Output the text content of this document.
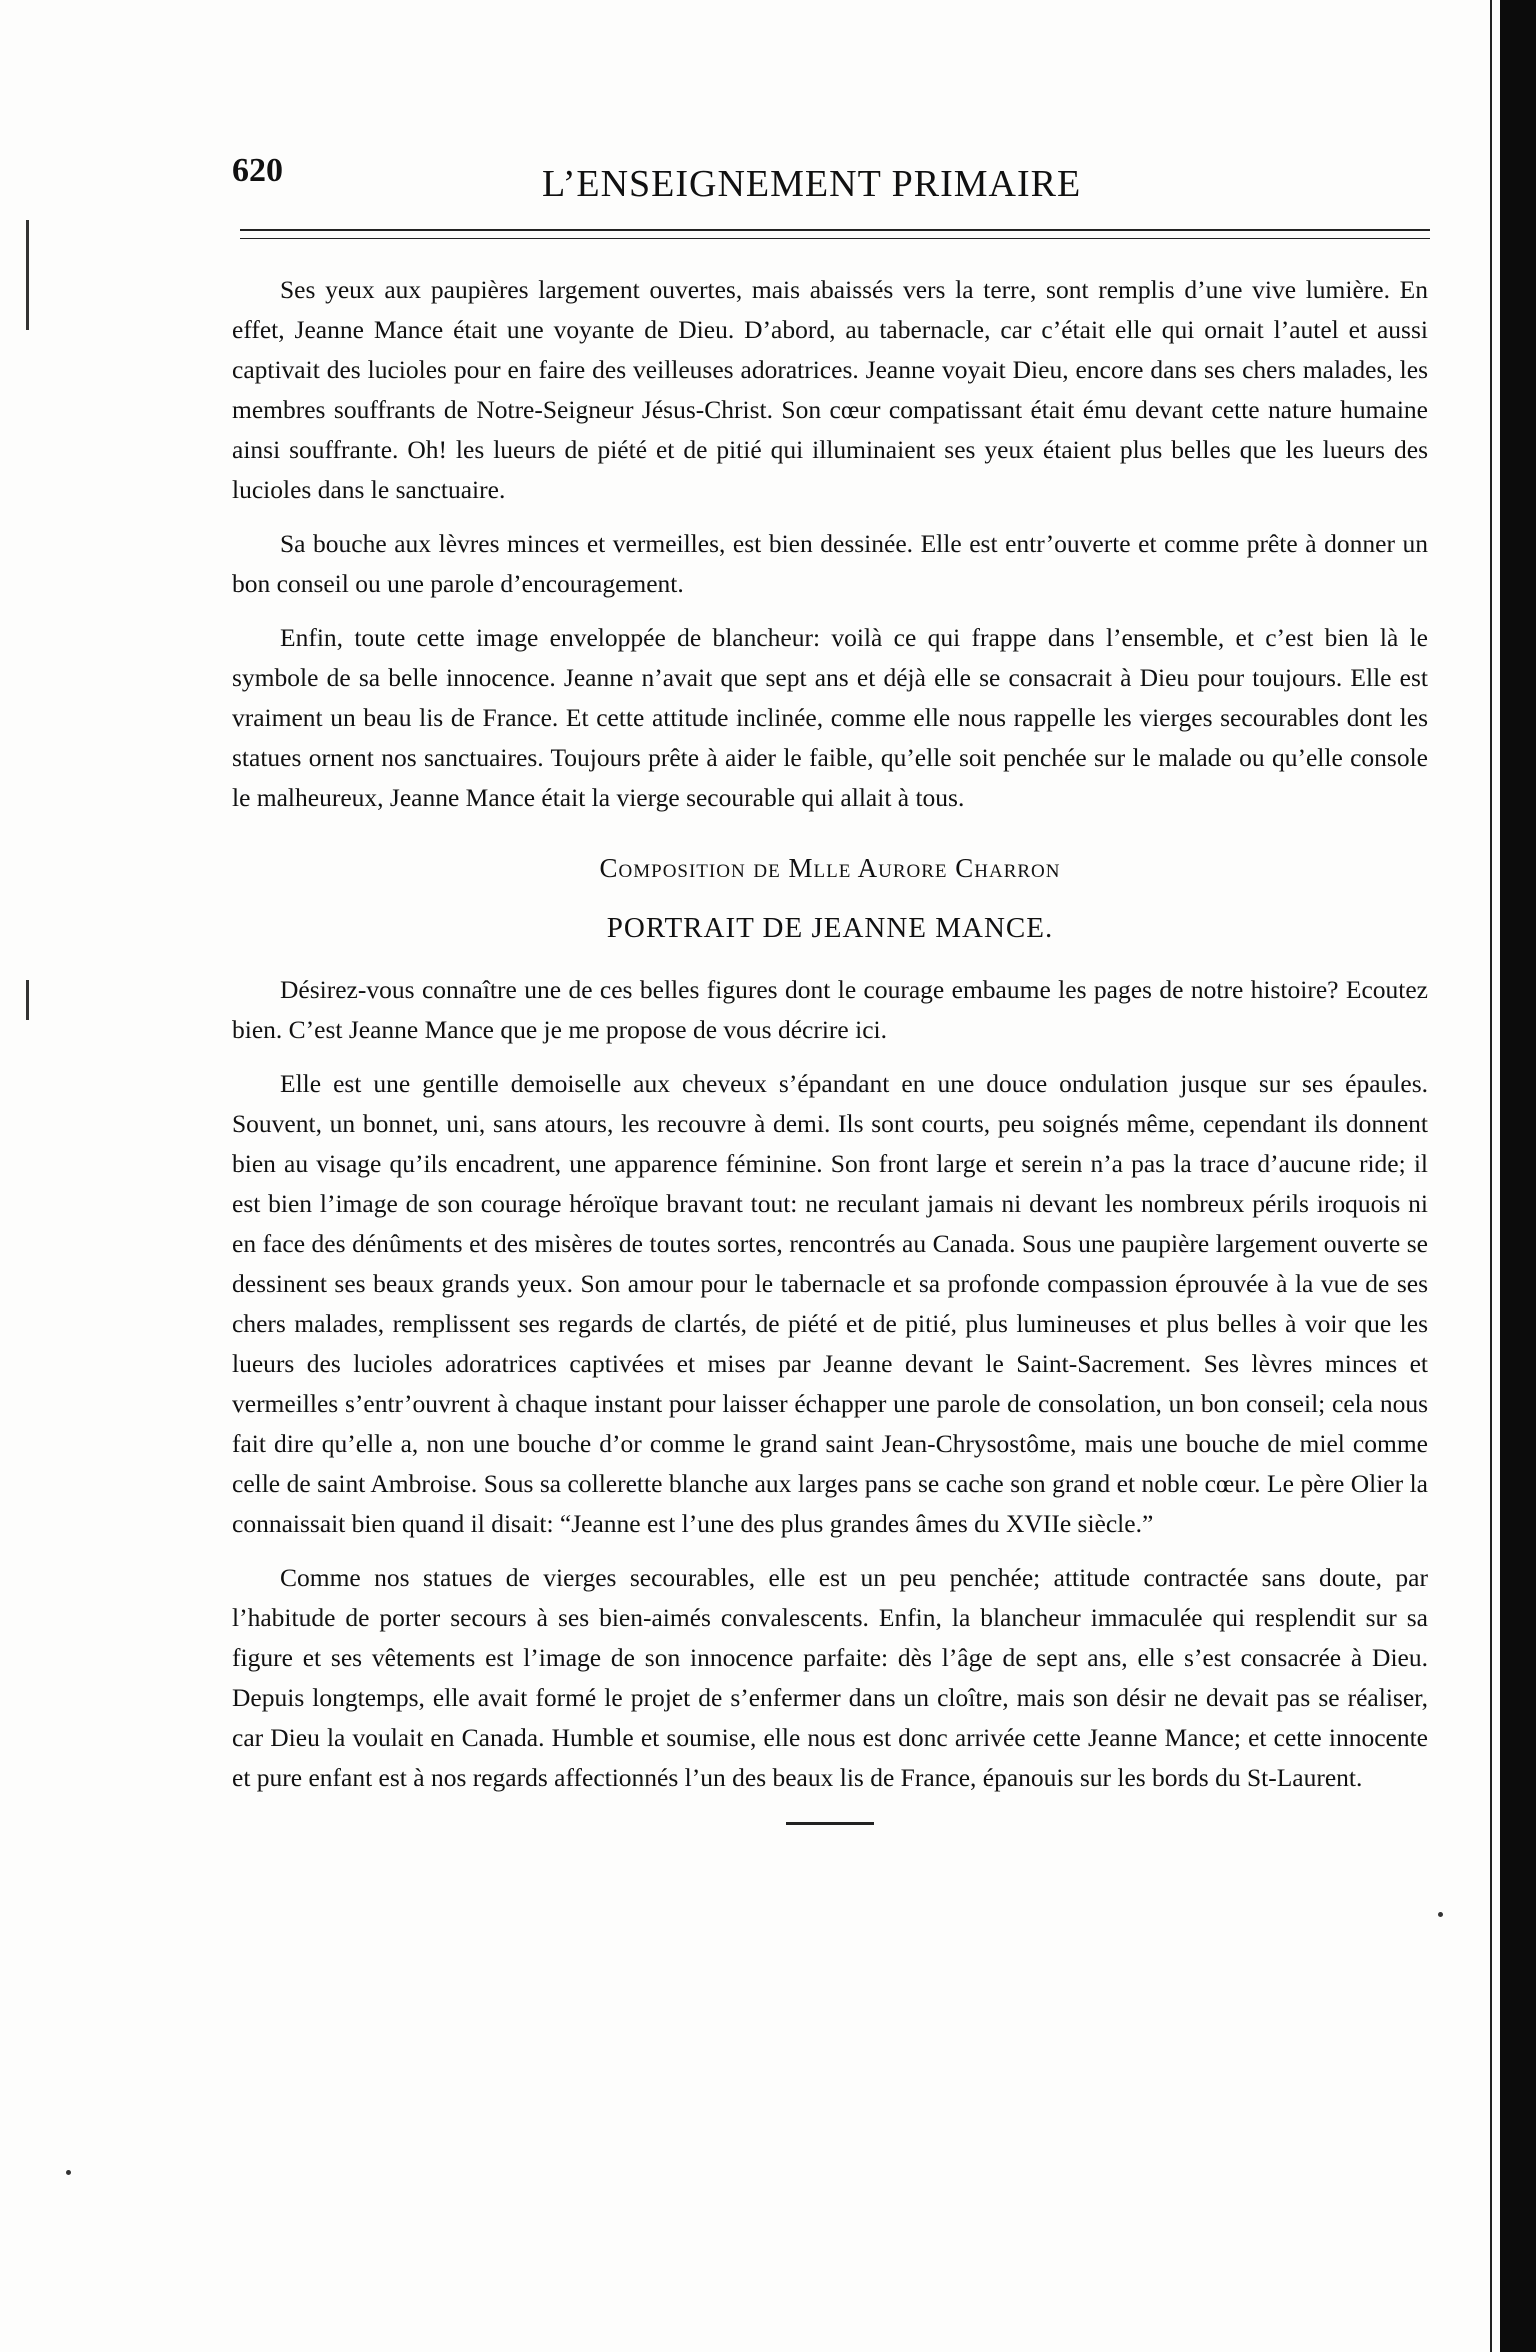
620	L’ENSEIGNEMENT PRIMAIRE

Ses yeux aux paupières largement ouvertes, mais abaissés vers la terre, sont remplis d’une vive lumière. En effet, Jeanne Mance était une voyante de Dieu. D’abord, au tabernacle, car c’était elle qui ornait l’autel et aussi captivait des lucioles pour en faire des veilleuses adoratrices. Jeanne voyait Dieu, encore dans ses chers malades, les membres souffrants de Notre-Seigneur Jésus-Christ. Son cœur compatissant était ému devant cette nature humaine ainsi souffrante. Oh! les lueurs de piété et de pitié qui illuminaient ses yeux étaient plus belles que les lueurs des lucioles dans le sanctuaire.

Sa bouche aux lèvres minces et vermeilles, est bien dessinée. Elle est entr’ouverte et comme prête à donner un bon conseil ou une parole d’encouragement.

Enfin, toute cette image enveloppée de blancheur: voilà ce qui frappe dans l’ensemble, et c’est bien là le symbole de sa belle innocence. Jeanne n’avait que sept ans et déjà elle se consacrait à Dieu pour toujours. Elle est vraiment un beau lis de France. Et cette attitude inclinée, comme elle nous rappelle les vierges secourables dont les statues ornent nos sanctuaires. Toujours prête à aider le faible, qu’elle soit penchée sur le malade ou qu’elle console le malheureux, Jeanne Mance était la vierge secourable qui allait à tous.

Composition de Mlle Aurore Charron
PORTRAIT DE JEANNE MANCE.

Désirez-vous connaître une de ces belles figures dont le courage embaume les pages de notre histoire? Ecoutez bien. C’est Jeanne Mance que je me propose de vous décrire ici.

Elle est une gentille demoiselle aux cheveux s’épandant en une douce ondulation jusque sur ses épaules. Souvent, un bonnet, uni, sans atours, les recouvre à demi. Ils sont courts, peu soignés même, cependant ils donnent bien au visage qu’ils encadrent, une apparence féminine. Son front large et serein n’a pas la trace d’aucune ride; il est bien l’image de son courage héroïque bravant tout: ne reculant jamais ni devant les nombreux périls iroquois ni en face des dénûments et des misères de toutes sortes, rencontrés au Canada. Sous une paupière largement ouverte se dessinent ses beaux grands yeux. Son amour pour le tabernacle et sa profonde compassion éprouvée à la vue de ses chers malades, remplissent ses regards de clartés, de piété et de pitié, plus lumineuses et plus belles à voir que les lueurs des lucioles adoratrices captivées et mises par Jeanne devant le Saint-Sacrement. Ses lèvres minces et vermeilles s’entr’ouvrent à chaque instant pour laisser échapper une parole de consolation, un bon conseil; cela nous fait dire qu’elle a, non une bouche d’or comme le grand saint Jean-Chrysostôme, mais une bouche de miel comme celle de saint Ambroise. Sous sa collerette blanche aux larges pans se cache son grand et noble cœur. Le père Olier la connaissait bien quand il disait: “Jeanne est l’une des plus grandes âmes du XVIIe siècle.”

Comme nos statues de vierges secourables, elle est un peu penchée; attitude contractée sans doute, par l’habitude de porter secours à ses bien-aimés convalescents. Enfin, la blancheur immaculée qui resplendit sur sa figure et ses vêtements est l’image de son innocence parfaite: dès l’âge de sept ans, elle s’est consacrée à Dieu. Depuis longtemps, elle avait formé le projet de s’enfermer dans un cloître, mais son désir ne devait pas se réaliser, car Dieu la voulait en Canada. Humble et soumise, elle nous est donc arrivée cette Jeanne Mance; et cette innocente et pure enfant est à nos regards affectionnés l’un des beaux lis de France, épanouis sur les bords du St-Laurent.
